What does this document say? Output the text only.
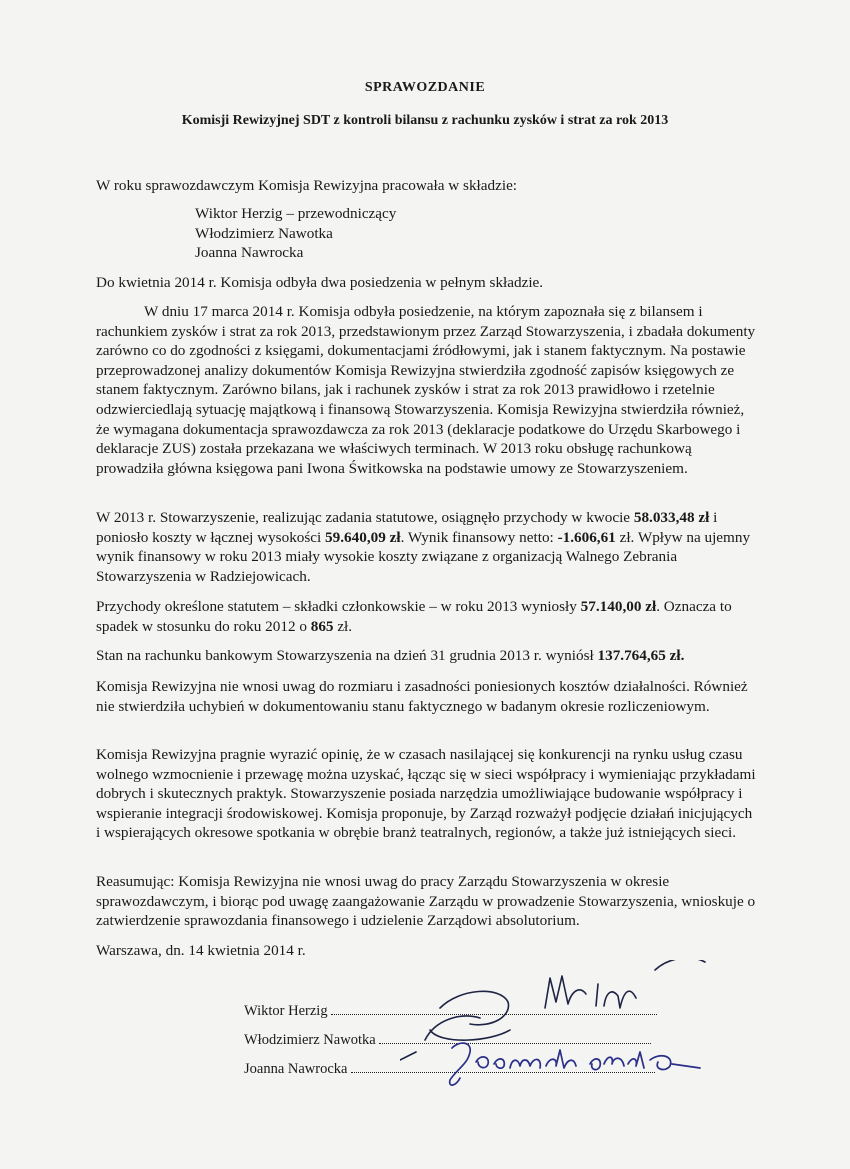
SPRAWOZDANIE
Komisji Rewizyjnej SDT z kontroli bilansu z rachunku zysków i strat za rok 2013

W roku sprawozdawczym Komisja Rewizyjna pracowała w składzie:

Wiktor Herzig – przewodniczący
Włodzimierz Nawotka
Joanna Nawrocka

Do kwietnia 2014 r. Komisja odbyła dwa posiedzenia w pełnym składzie.

W dniu 17 marca 2014 r. Komisja odbyła posiedzenie, na którym zapoznała się z bilansem i rachunkiem zysków i strat za rok 2013, przedstawionym przez Zarząd Stowarzyszenia, i zbadała dokumenty zarówno co do zgodności z księgami, dokumentacjami źródłowymi, jak i stanem faktycznym. Na postawie przeprowadzonej analizy dokumentów Komisja Rewizyjna stwierdziła zgodność zapisów księgowych ze stanem faktycznym. Zarówno bilans, jak i rachunek zysków i strat za rok 2013 prawidłowo i rzetelnie odzwierciedlają sytuację majątkową i finansową Stowarzyszenia. Komisja Rewizyjna stwierdziła również, że wymagana dokumentacja sprawozdawcza za rok 2013 (deklaracje podatkowe do Urzędu Skarbowego i deklaracje ZUS) została przekazana we właściwych terminach. W 2013 roku obsługę rachunkową prowadziła główna księgowa pani Iwona Świtkowska na podstawie umowy ze Stowarzyszeniem.

W 2013 r. Stowarzyszenie, realizując zadania statutowe, osiągnęło przychody w kwocie 58.033,48 zł i poniosło koszty w łącznej wysokości 59.640,09 zł. Wynik finansowy netto: -1.606,61 zł. Wpływ na ujemny wynik finansowy w roku 2013 miały wysokie koszty związane z organizacją Walnego Zebrania Stowarzyszenia w Radziejowicach.

Przychody określone statutem – składki członkowskie – w roku 2013 wyniosły 57.140,00 zł. Oznacza to spadek w stosunku do roku 2012 o 865 zł.

Stan na rachunku bankowym Stowarzyszenia na dzień 31 grudnia 2013 r. wyniósł 137.764,65 zł.

Komisja Rewizyjna nie wnosi uwag do rozmiaru i zasadności poniesionych kosztów działalności. Również nie stwierdziła uchybień w dokumentowaniu stanu faktycznego w badanym okresie rozliczeniowym.

Komisja Rewizyjna pragnie wyrazić opinię, że w czasach nasilającej się konkurencji na rynku usług czasu wolnego wzmocnienie i przewagę można uzyskać, łącząc się w sieci współpracy i wymieniając przykładami dobrych i skutecznych praktyk. Stowarzyszenie posiada narzędzia umożliwiające budowanie współpracy i wspieranie integracji środowiskowej. Komisja proponuje, by Zarząd rozważył podjęcie działań inicjujących i wspierających okresowe spotkania w obrębie branż teatralnych, regionów, a także już istniejących sieci.

Reasumując: Komisja Rewizyjna nie wnosi uwag do pracy Zarządu Stowarzyszenia w okresie sprawozdawczym, i biorąc pod uwagę zaangażowanie Zarządu w prowadzenie Stowarzyszenia, wnioskuje o zatwierdzenie sprawozdania finansowego i udzielenie Zarządowi absolutorium.

Warszawa, dn. 14 kwietnia 2014 r.

Wiktor Herzig
Włodzimierz Nawotka
Joanna Nawrocka
